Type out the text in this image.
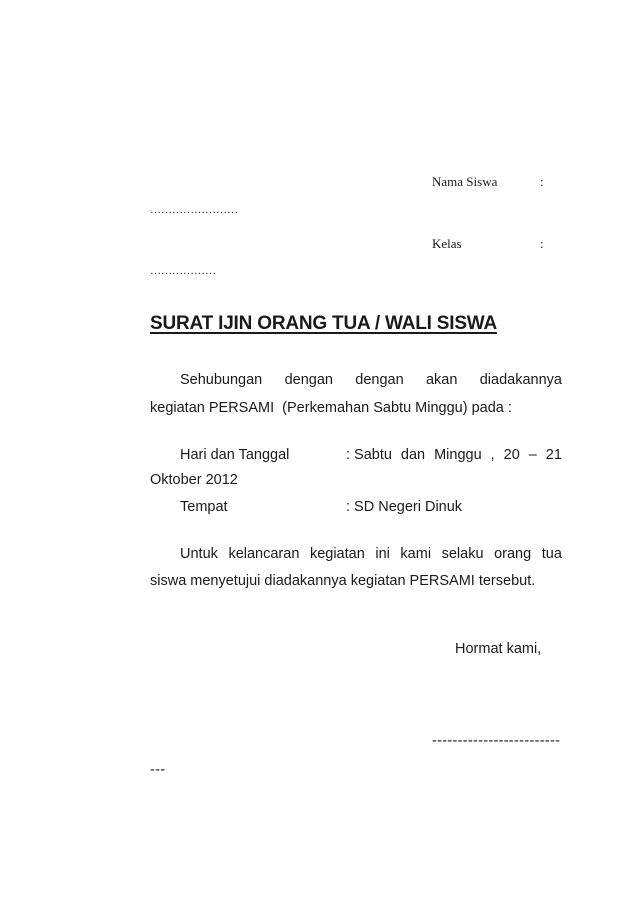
Nama Siswa	:
……………………
Kelas	:
………………
SURAT IJIN ORANG TUA / WALI SISWA
Sehubungan dengan dengan akan diadakannya
kegiatan PERSAMI  (Perkemahan Sabtu Minggu) pada :
Hari dan Tanggal	: Sabtu dan Minggu , 20 – 21
Oktober 2012
Tempat	: SD Negeri Dinuk
Untuk kelancaran kegiatan ini kami selaku orang tua
siswa menyetujui diadakannya kegiatan PERSAMI tersebut.
Hormat kami,
-------------------------
---
